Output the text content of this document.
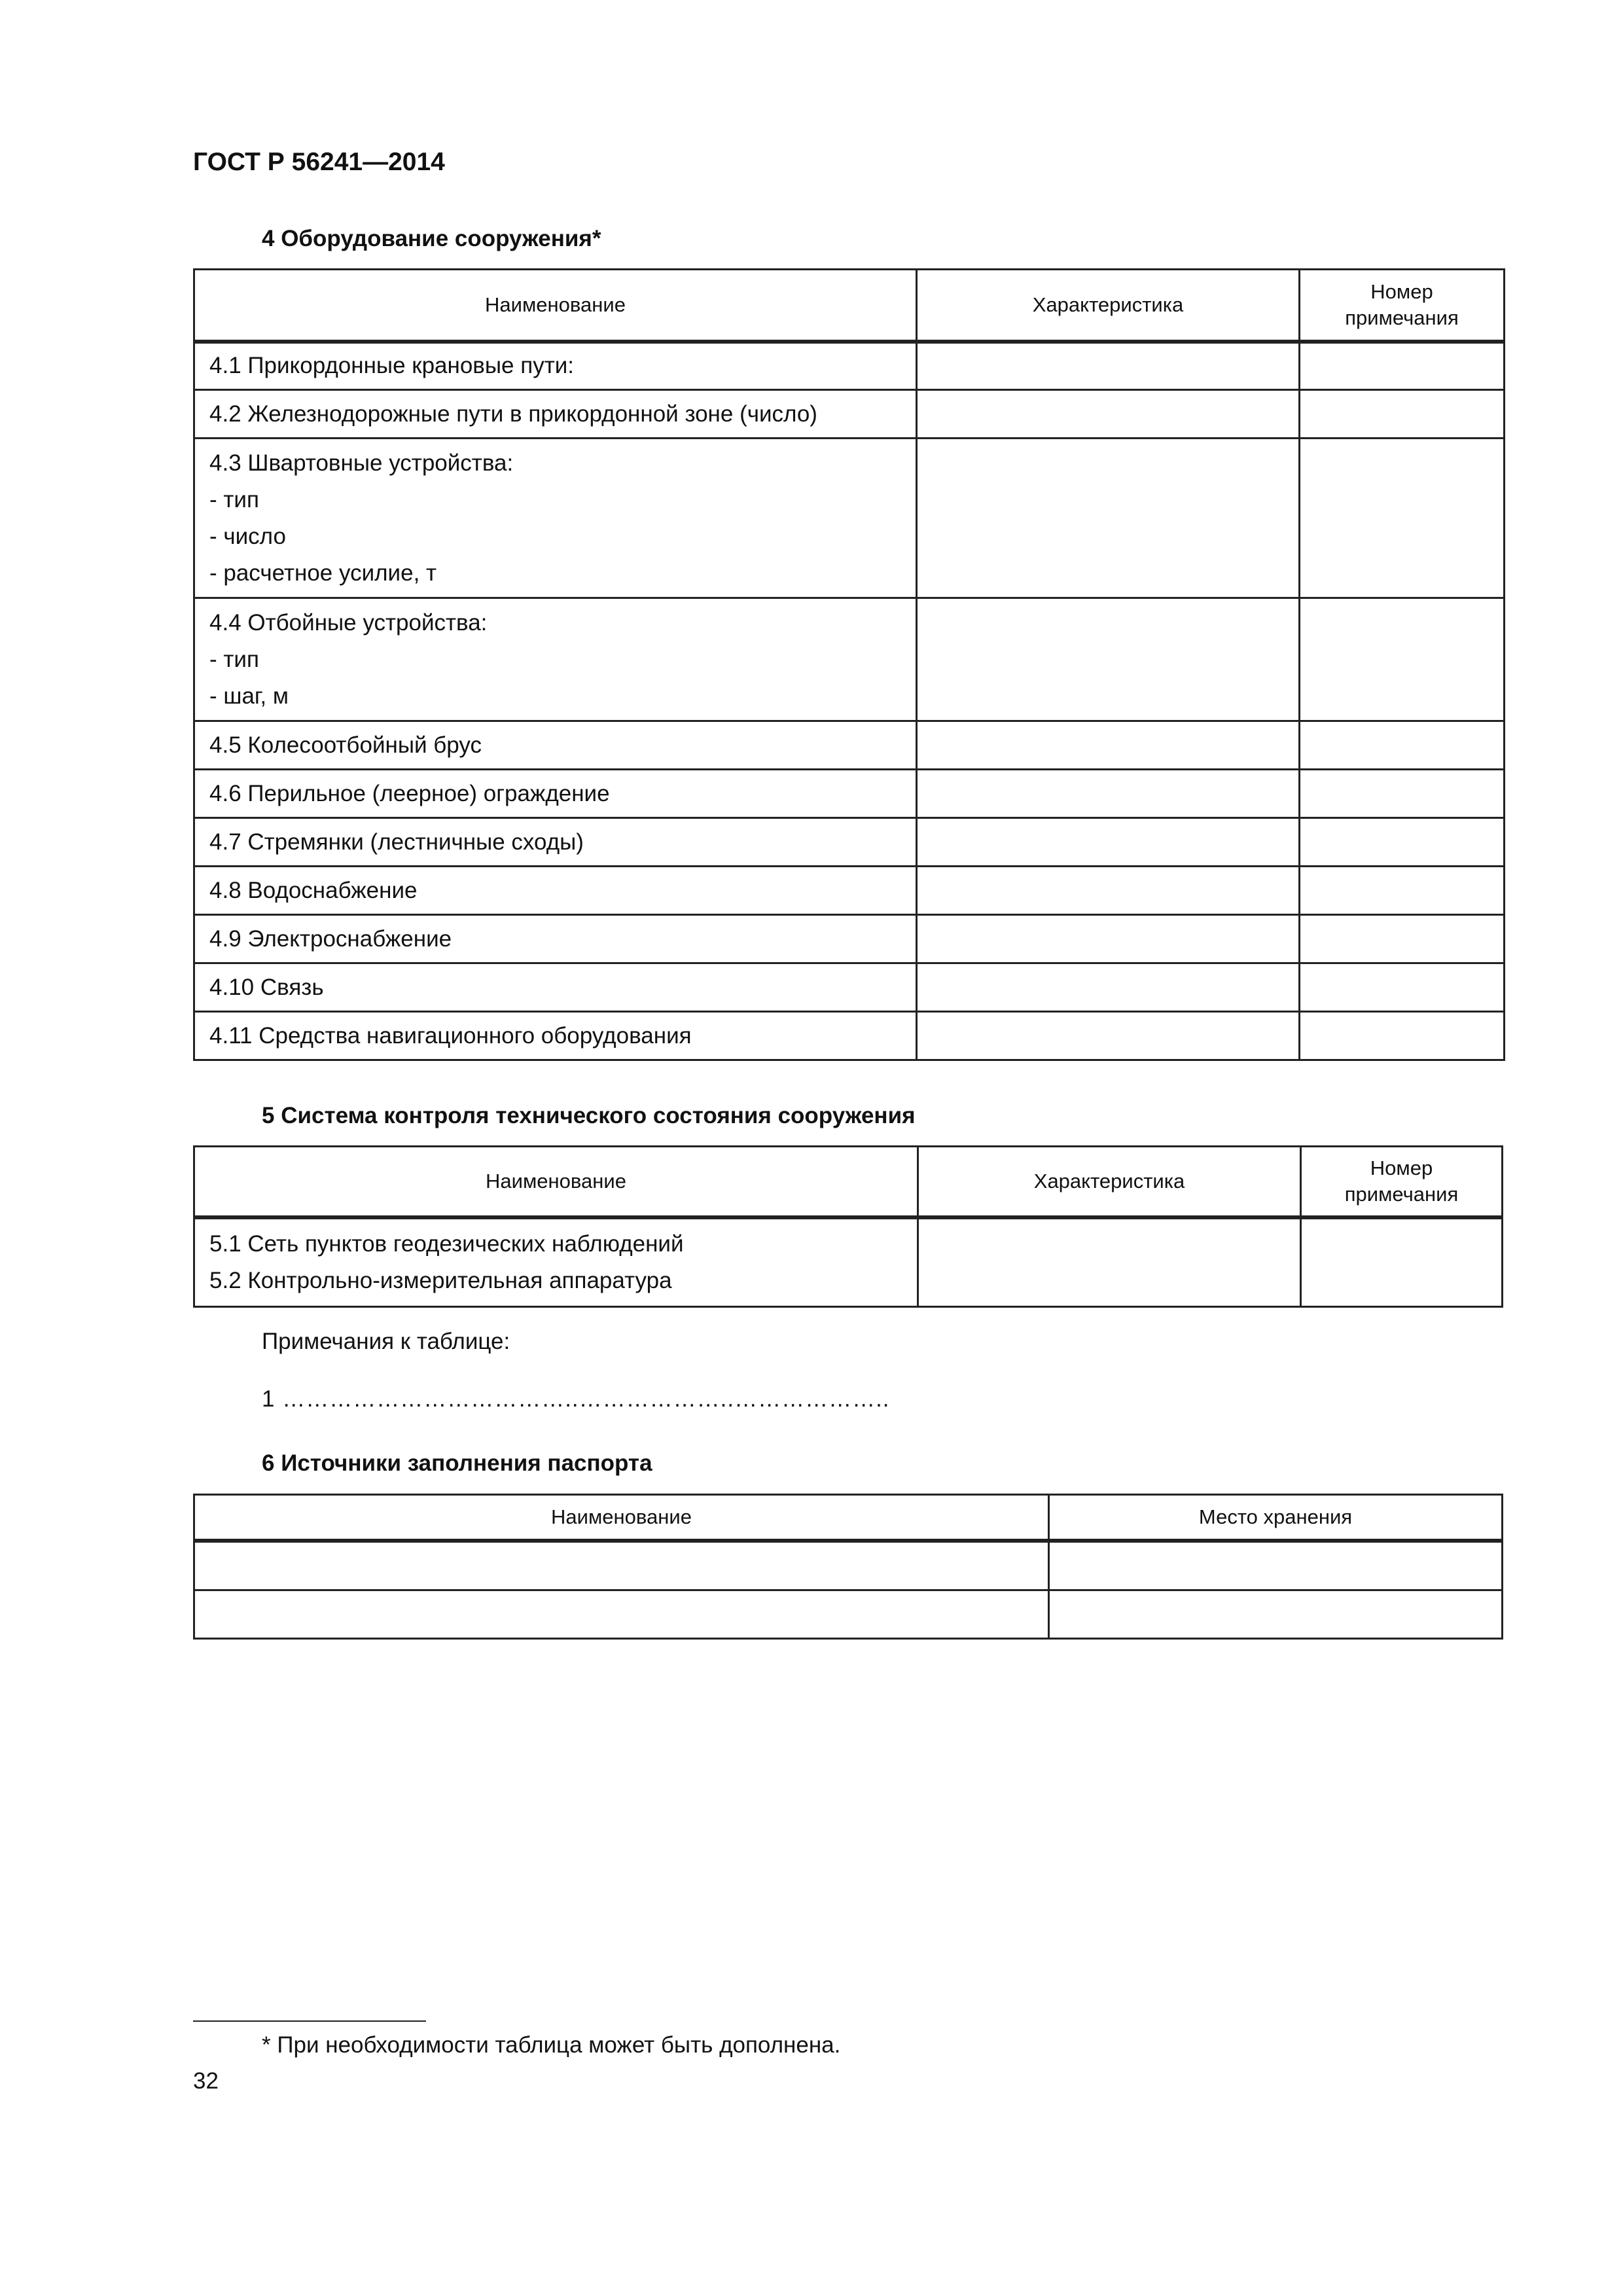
ГОСТ Р 56241—2014
4 Оборудование сооружения*
Наименование	Характеристика	Номер примечания

4.1 Прикордонные крановые пути:		
4.2 Железнодорожные пути в прикордонной зоне (число)		

4.3 Швартовные устройства:
- тип
- число
- расчетное усилие, т		

4.4 Отбойные устройства:
- тип
- шаг, м		

4.5 Колесоотбойный брус		
4.6 Перильное (леерное) ограждение		
4.7 Стремянки (лестничные сходы)		
4.8 Водоснабжение		
4.9 Электроснабжение		
4.10 Связь		
4.11 Средства навигационного оборудования		
5 Система контроля технического состояния сооружения
Наименование	Характеристика	Номер примечания

5.1 Сеть пунктов геодезических наблюдений
5.2 Контрольно-измерительная аппаратура		

Примечания к таблице:
1 ………………………………..………………..………………..
6 Источники заполнения паспорта
Наименование	Место хранения

* При необходимости таблица может быть дополнена.
32
